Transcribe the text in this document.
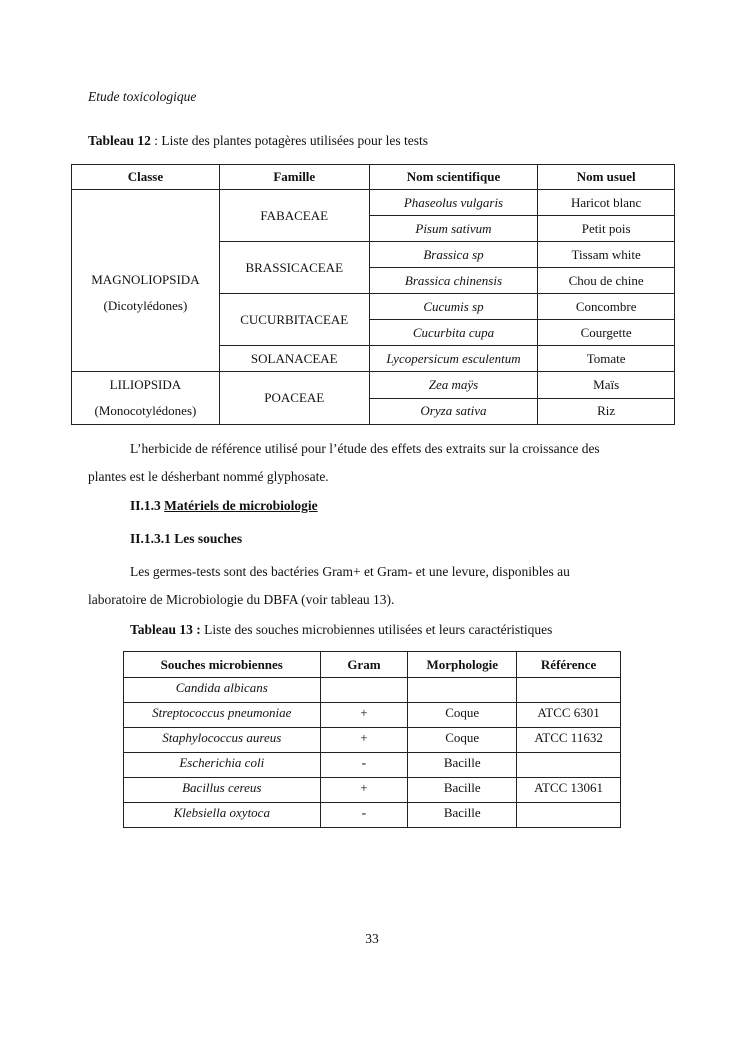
Etude toxicologique
Tableau 12 : Liste des plantes potagères utilisées pour les tests
Classe	Famille	Nom scientifique	Nom usuel

MAGNOLIOPSIDA
(Dicotylédones)	FABACEAE	Phaseolus vulgaris	Haricot blanc
		Pisum sativum	Petit pois
	BRASSICACEAE	Brassica sp	Tissam white
		Brassica chinensis	Chou de chine
	CUCURBITACEAE	Cucumis sp	Concombre
		Cucurbita cupa	Courgette
	SOLANACEAE	Lycopersicum esculentum	Tomate

LILIOPSIDA
(Monocotylédones)	POACEAE	Zea maÿs	Maïs
		Oryza sativa	Riz
L’herbicide de référence utilisé pour l’étude des effets des extraits sur la croissance des
plantes est le désherbant nommé glyphosate.
II.1.3 Matériels de microbiologie
II.1.3.1 Les souches
Les germes-tests sont des bactéries Gram+ et Gram- et une levure, disponibles au
laboratoire de Microbiologie du DBFA (voir tableau 13).
Tableau 13 : Liste des souches microbiennes utilisées et leurs caractéristiques
Souches microbiennes	Gram	Morphologie	Référence
Candida albicans			
Streptococcus pneumoniae	+	Coque	ATCC 6301
Staphylococcus aureus	+	Coque	ATCC 11632
Escherichia coli	-	Bacille	
Bacillus cereus	+	Bacille	ATCC 13061
Klebsiella oxytoca	-	Bacille	
33
